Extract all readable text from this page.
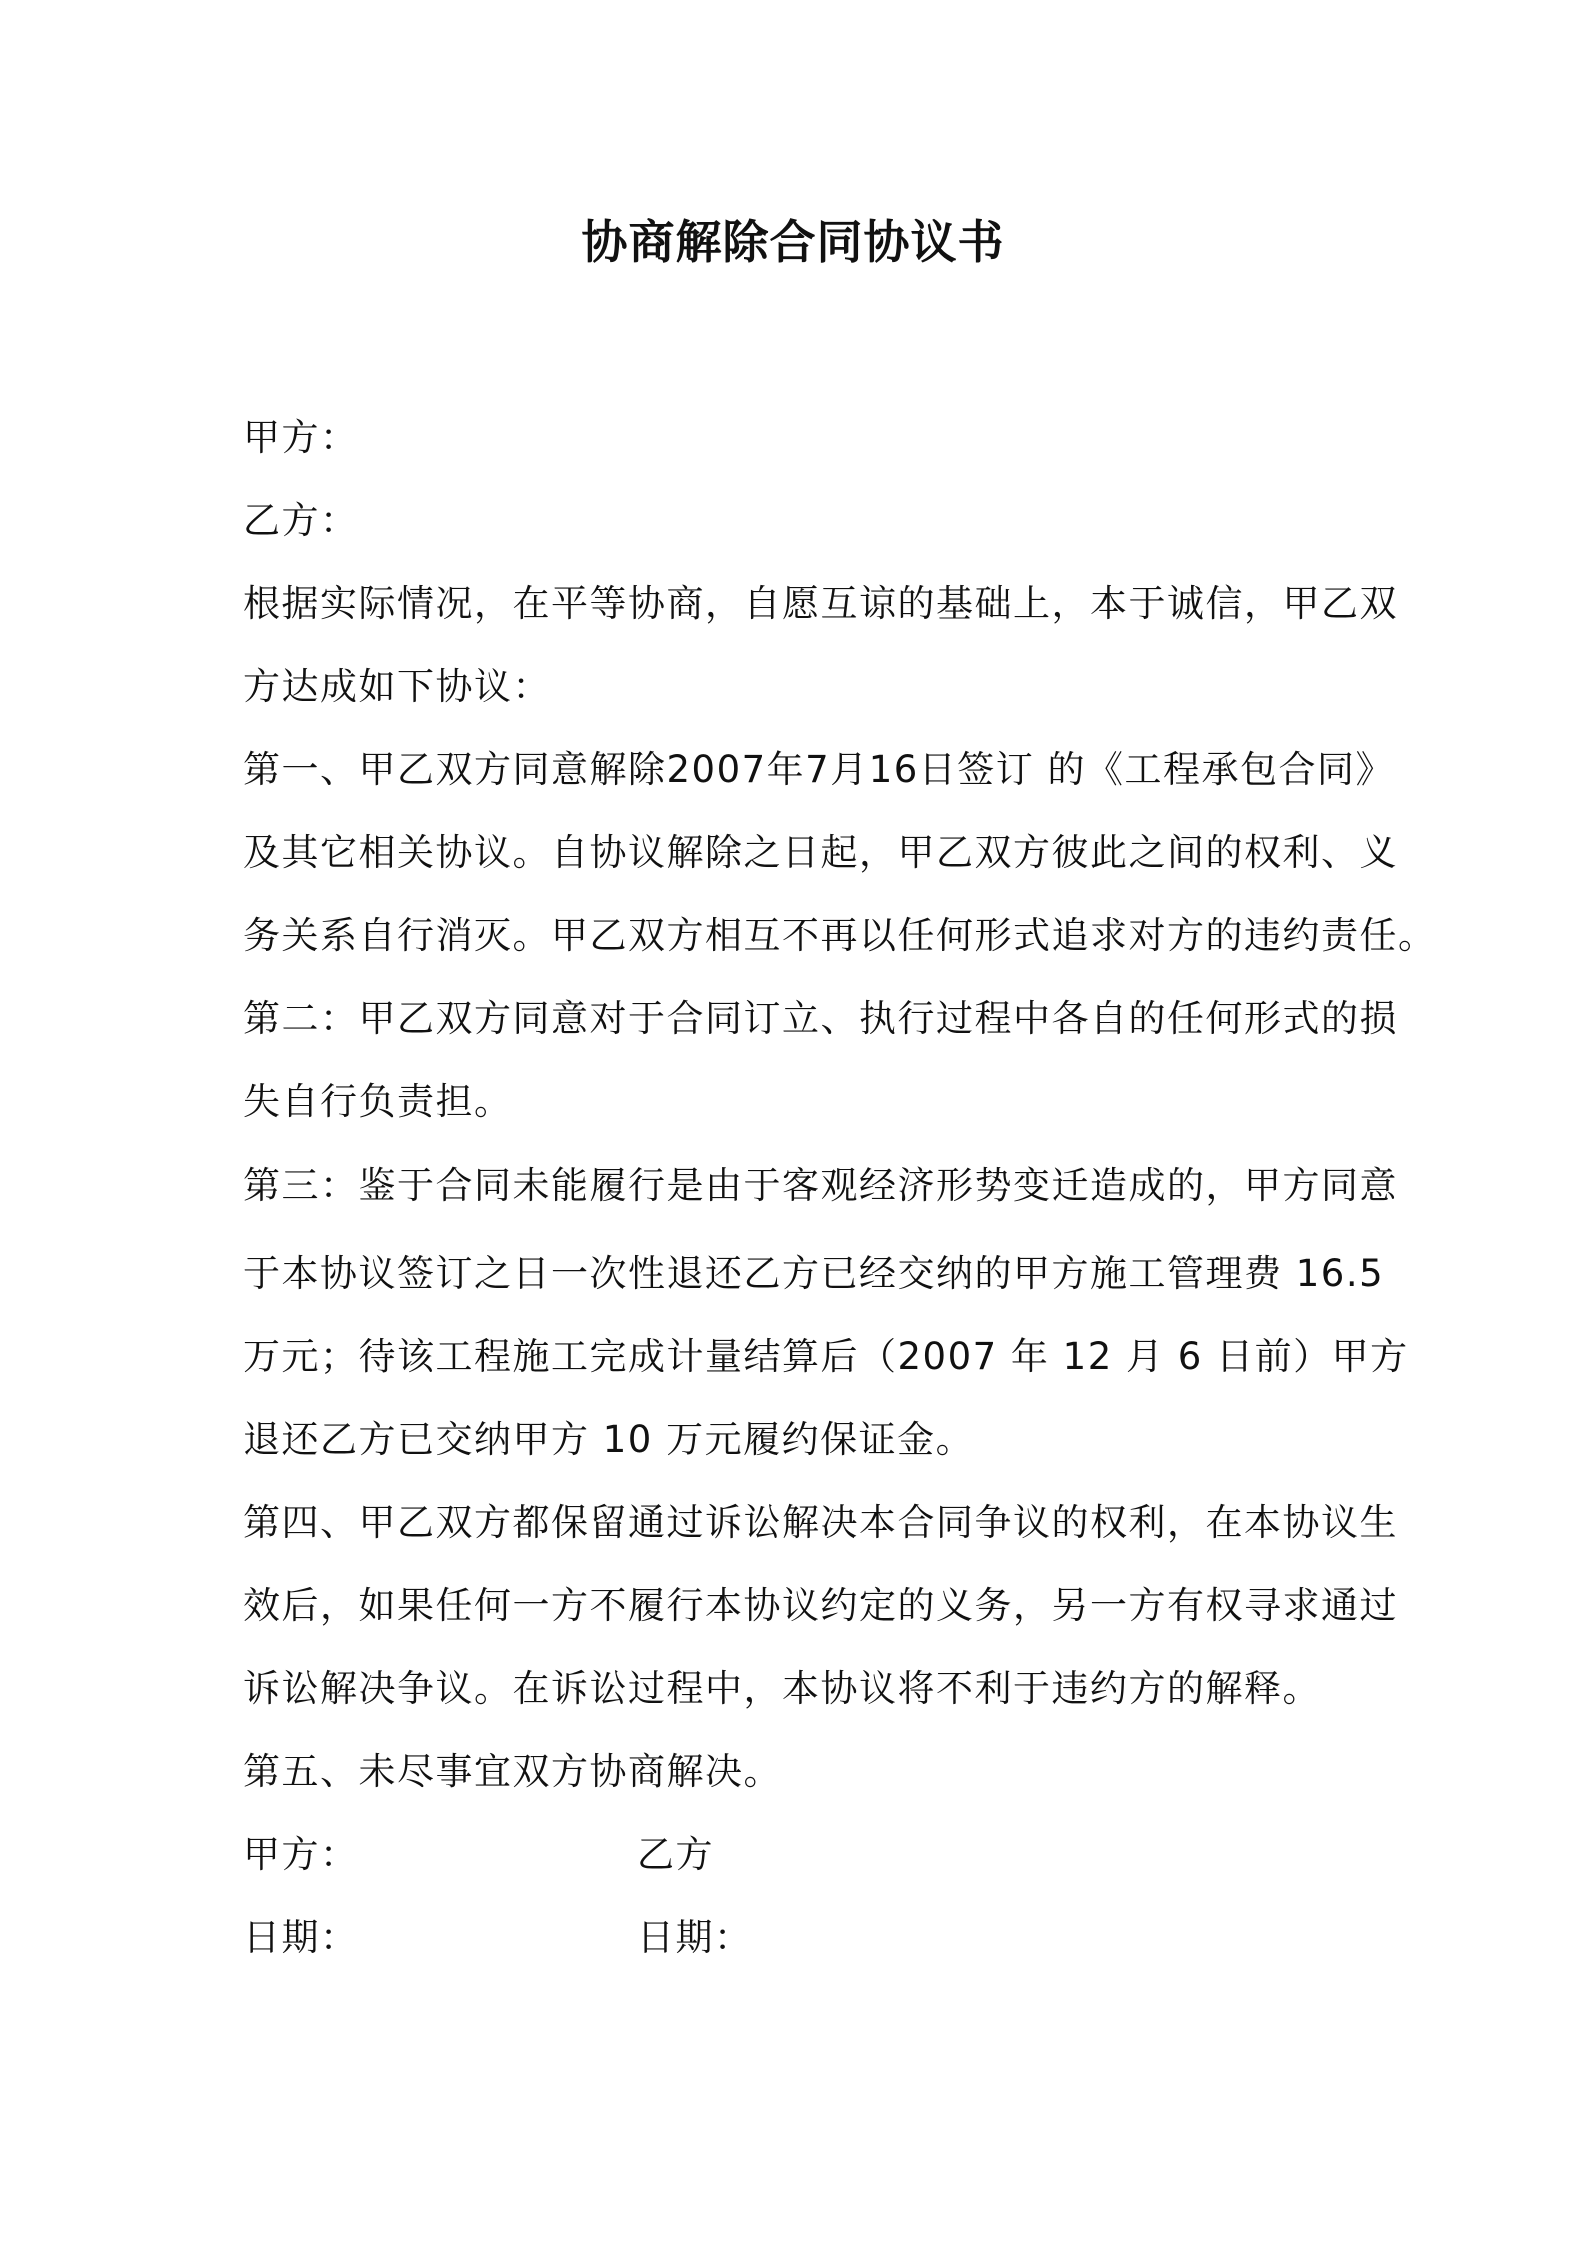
协商解除合同协议书
甲方：
乙方：
根据实际情况，在平等协商，自愿互谅的基础上，本于诚信，甲乙双
方达成如下协议：
第一、甲乙双方同意解除2007年7月16日签订 的《工程承包合同》
及其它相关协议。自协议解除之日起，甲乙双方彼此之间的权利、义
务关系自行消灭。甲乙双方相互不再以任何形式追求对方的违约责任。
第二：甲乙双方同意对于合同订立、执行过程中各自的任何形式的损
失自行负责担。
第三：鉴于合同未能履行是由于客观经济形势变迁造成的，甲方同意
于本协议签订之日一次性退还乙方已经交纳的甲方施工管理费 16.5
万元；待该工程施工完成计量结算后（2007 年 12 月 6 日前）甲方
退还乙方已交纳甲方 10 万元履约保证金。
第四、甲乙双方都保留通过诉讼解决本合同争议的权利，在本协议生
效后，如果任何一方不履行本协议约定的义务，另一方有权寻求通过
诉讼解决争议。在诉讼过程中，本协议将不利于违约方的解释。
第五、未尽事宜双方协商解决。
甲方：	乙方
日期：	日期：
